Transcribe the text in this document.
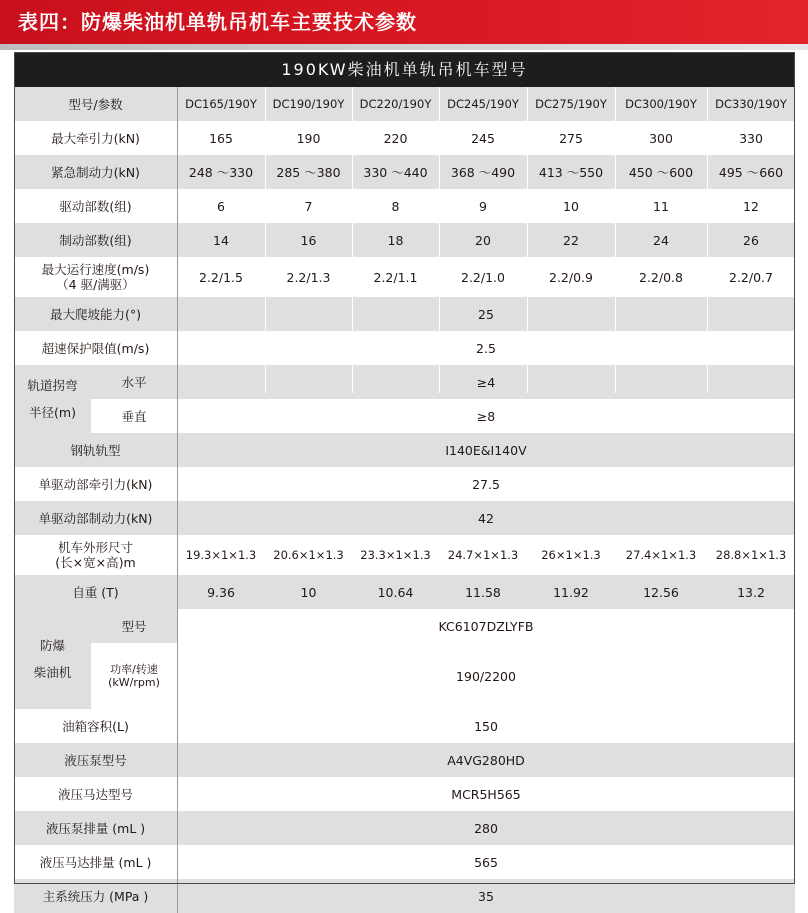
表四：防爆柴油机单轨吊机车主要技术参数
190KW柴油机单轨吊机车型号
型号/参数	DC165/190Y DC190/190Y DC220/190Y DC245/190Y DC275/190Y DC300/190Y DC330/190Y
最大牵引力(kN)	165	190	220	245	275	300	330
紧急制动力(kN)	248 ～330 285 ～380 330 ～440 368 ～490 413 ～550 450 ～600 495 ～660
驱动部数(组)	6	7	8	9	10	11	12
制动部数(组)	14	16	18	20	22	24	26
最大运行速度(m/s)
（4 驱/满驱）	2.2/1.5	2.2/1.3	2.2/1.1	2.2/1.0	2.2/0.9	2.2/0.8	2.2/0.7
最大爬坡能力(°)	25
超速保护限值(m/s)	2.5
轨道拐弯
半径(m)
水平	≥4
垂直	≥8
钢轨轨型	I140E&I140V
单驱动部牵引力(kN)	27.5
单驱动部制动力(kN)	42
机车外形尺寸
(长×宽×高)m
19.3×1×1.3 20.6×1×1.3 23.3×1×1.3 24.7×1×1.3 26×1×1.3 27.4×1×1.3 28.8×1×1.3
自重 (T)	9.36	10	10.64	11.58	11.92	12.56	13.2
防爆
柴油机
型号	KC6107DZLYFB
功率/转速
(kW/rpm)	190/2200
油箱容积(L)	150
液压泵型号	A4VG280HD
液压马达型号	MCR5H565
液压泵排量 (mL )	280
液压马达排量 (mL )	565
主系统压力 (MPa )	35
